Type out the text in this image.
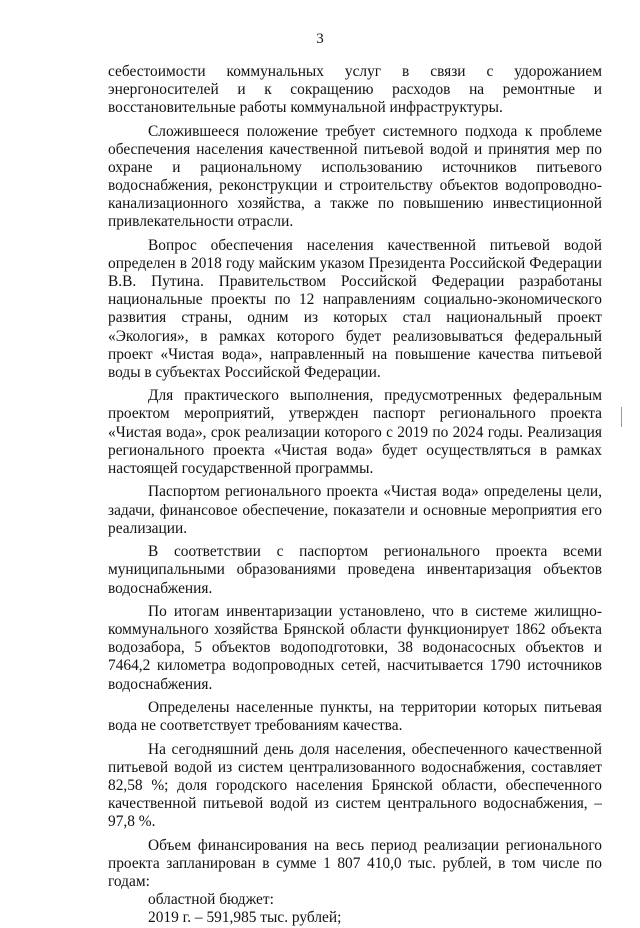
3

себестоимости коммунальных услуг в связи с удорожанием энергоносителей и к сокращению расходов на ремонтные и восстановительные работы коммунальной инфраструктуры.

Сложившееся положение требует системного подхода к проблеме обеспечения населения качественной питьевой водой и принятия мер по охране и рациональному использованию источников питьевого водоснабжения, реконструкции и строительству объектов водопроводно-канализационного хозяйства, а также по повышению инвестиционной привлекательности отрасли.

Вопрос обеспечения населения качественной питьевой водой определен в 2018 году майским указом Президента Российской Федерации В.В. Путина. Правительством Российской Федерации разработаны национальные проекты по 12 направлениям социально-экономического развития страны, одним из которых стал национальный проект «Экология», в рамках которого будет реализовываться федеральный проект «Чистая вода», направленный на повышение качества питьевой воды в субъектах Российской Федерации.

Для практического выполнения, предусмотренных федеральным проектом мероприятий, утвержден паспорт регионального проекта «Чистая вода», срок реализации которого с 2019 по 2024 годы. Реализация регионального проекта «Чистая вода» будет осуществляться в рамках настоящей государственной программы.

Паспортом регионального проекта «Чистая вода» определены цели, задачи, финансовое обеспечение, показатели и основные мероприятия его реализации.

В соответствии с паспортом регионального проекта всеми муниципальными образованиями проведена инвентаризация объектов водоснабжения.

По итогам инвентаризации установлено, что в системе жилищно-коммунального хозяйства Брянской области функционирует 1862 объекта водозабора, 5 объектов водоподготовки, 38 водонасосных объектов и 7464,2 километра водопроводных сетей, насчитывается 1790 источников водоснабжения.

Определены населенные пункты, на территории которых питьевая вода не соответствует требованиям качества.

На сегодняшний день доля населения, обеспеченного качественной питьевой водой из систем централизованного водоснабжения, составляет 82,58 %; доля городского населения Брянской области, обеспеченного качественной питьевой водой из систем центрального водоснабжения, – 97,8 %.

Объем финансирования на весь период реализации регионального проекта запланирован в сумме 1 807 410,0 тыс. рублей, в том числе по годам:

областной бюджет:

2019 г. – 591,985 тыс. рублей;
